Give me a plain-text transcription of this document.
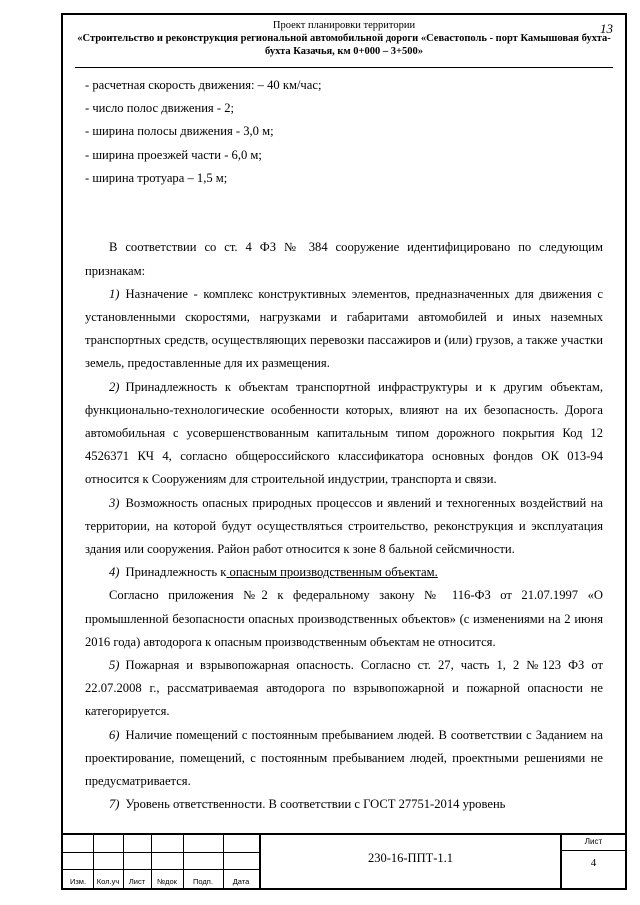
Проект планировки территории	13
«Строительство и реконструкция региональной автомобильной дороги «Севастополь - порт Камышовая бухта-бухта Казачья, км 0+000 – 3+500»

- расчетная скорость движения: – 40 км/час;

- число полос движения - 2;

- ширина полосы движения - 3,0 м;

- ширина проезжей части - 6,0 м;

- ширина тротуара – 1,5 м;

В соответствии со ст. 4 ФЗ № 384 сооружение идентифицировано по следующим признакам:

1) Назначение - комплекс конструктивных элементов, предназначенных для движения с установленными скоростями, нагрузками и габаритами автомобилей и иных наземных транспортных средств, осуществляющих перевозки пассажиров и (или) грузов, а также участки земель, предоставленные для их размещения.

2) Принадлежность к объектам транспортной инфраструктуры и к другим объектам, функционально-технологические особенности которых, влияют на их безопасность. Дорога автомобильная с усовершенствованным капитальным типом дорожного покрытия Код 12 4526371 КЧ 4, согласно общероссийского классификатора основных фондов ОК 013-94 относится к Сооружениям для строительной индустрии, транспорта и связи.

3) Возможность опасных природных процессов и явлений и техногенных воздействий на территории, на которой будут осуществляться строительство, реконструкция и эксплуатация здания или сооружения. Район работ относится к зоне 8 бальной сейсмичности.

4) Принадлежность к опасным производственным объектам.

Согласно приложения №2 к федеральному закону № 116-ФЗ от 21.07.1997 «О промышленной безопасности опасных производственных объектов» (с изменениями на 2 июня 2016 года) автодорога к опасным производственным объектам не относится.

5) Пожарная и взрывопожарная опасность. Согласно ст. 27, часть 1, 2 №123 ФЗ от 22.07.2008 г., рассматриваемая автодорога по взрывопожарной и пожарной опасности не категорируется.

6) Наличие помещений с постоянным пребыванием людей. В соответствии с Заданием на проектирование, помещений, с постоянным пребыванием людей, проектными решениями не предусматривается.

7) Уровень ответственности. В соответствии с ГОСТ 27751-2014 уровень

Изм.	Кол.уч	Лист	№док	Подп.	Дата
230-16-ППТ-1.1
Лист
4
